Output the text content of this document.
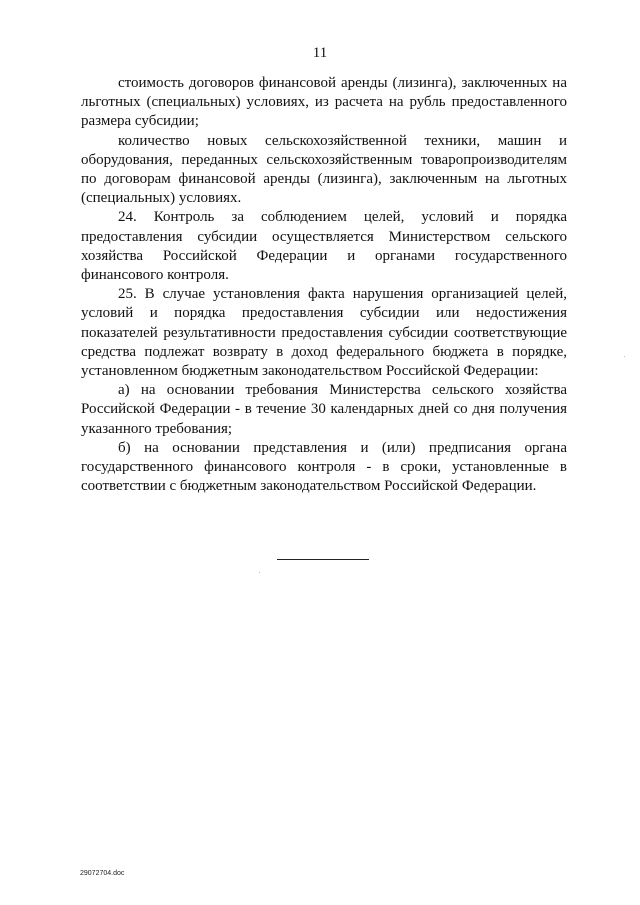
11

стоимость договоров финансовой аренды (лизинга), заключенных на льготных (специальных) условиях, из расчета на рубль предоставленного размера субсидии;

количество новых сельскохозяйственной техники, машин и оборудования, переданных сельскохозяйственным товаропроизводителям по договорам финансовой аренды (лизинга), заключенным на льготных (специальных) условиях.

24. Контроль за соблюдением целей, условий и порядка предоставления субсидии осуществляется Министерством сельского хозяйства Российской Федерации и органами государственного финансового контроля.

25. В случае установления факта нарушения организацией целей, условий и порядка предоставления субсидии или недостижения показателей результативности предоставления субсидии соответствующие средства подлежат возврату в доход федерального бюджета в порядке, установленном бюджетным законодательством Российской Федерации:

а) на основании требования Министерства сельского хозяйства Российской Федерации - в течение 30 календарных дней со дня получения указанного требования;

б) на основании представления и (или) предписания органа государственного финансового контроля - в сроки, установленные в соответствии с бюджетным законодательством Российской Федерации.

29072704.doc
